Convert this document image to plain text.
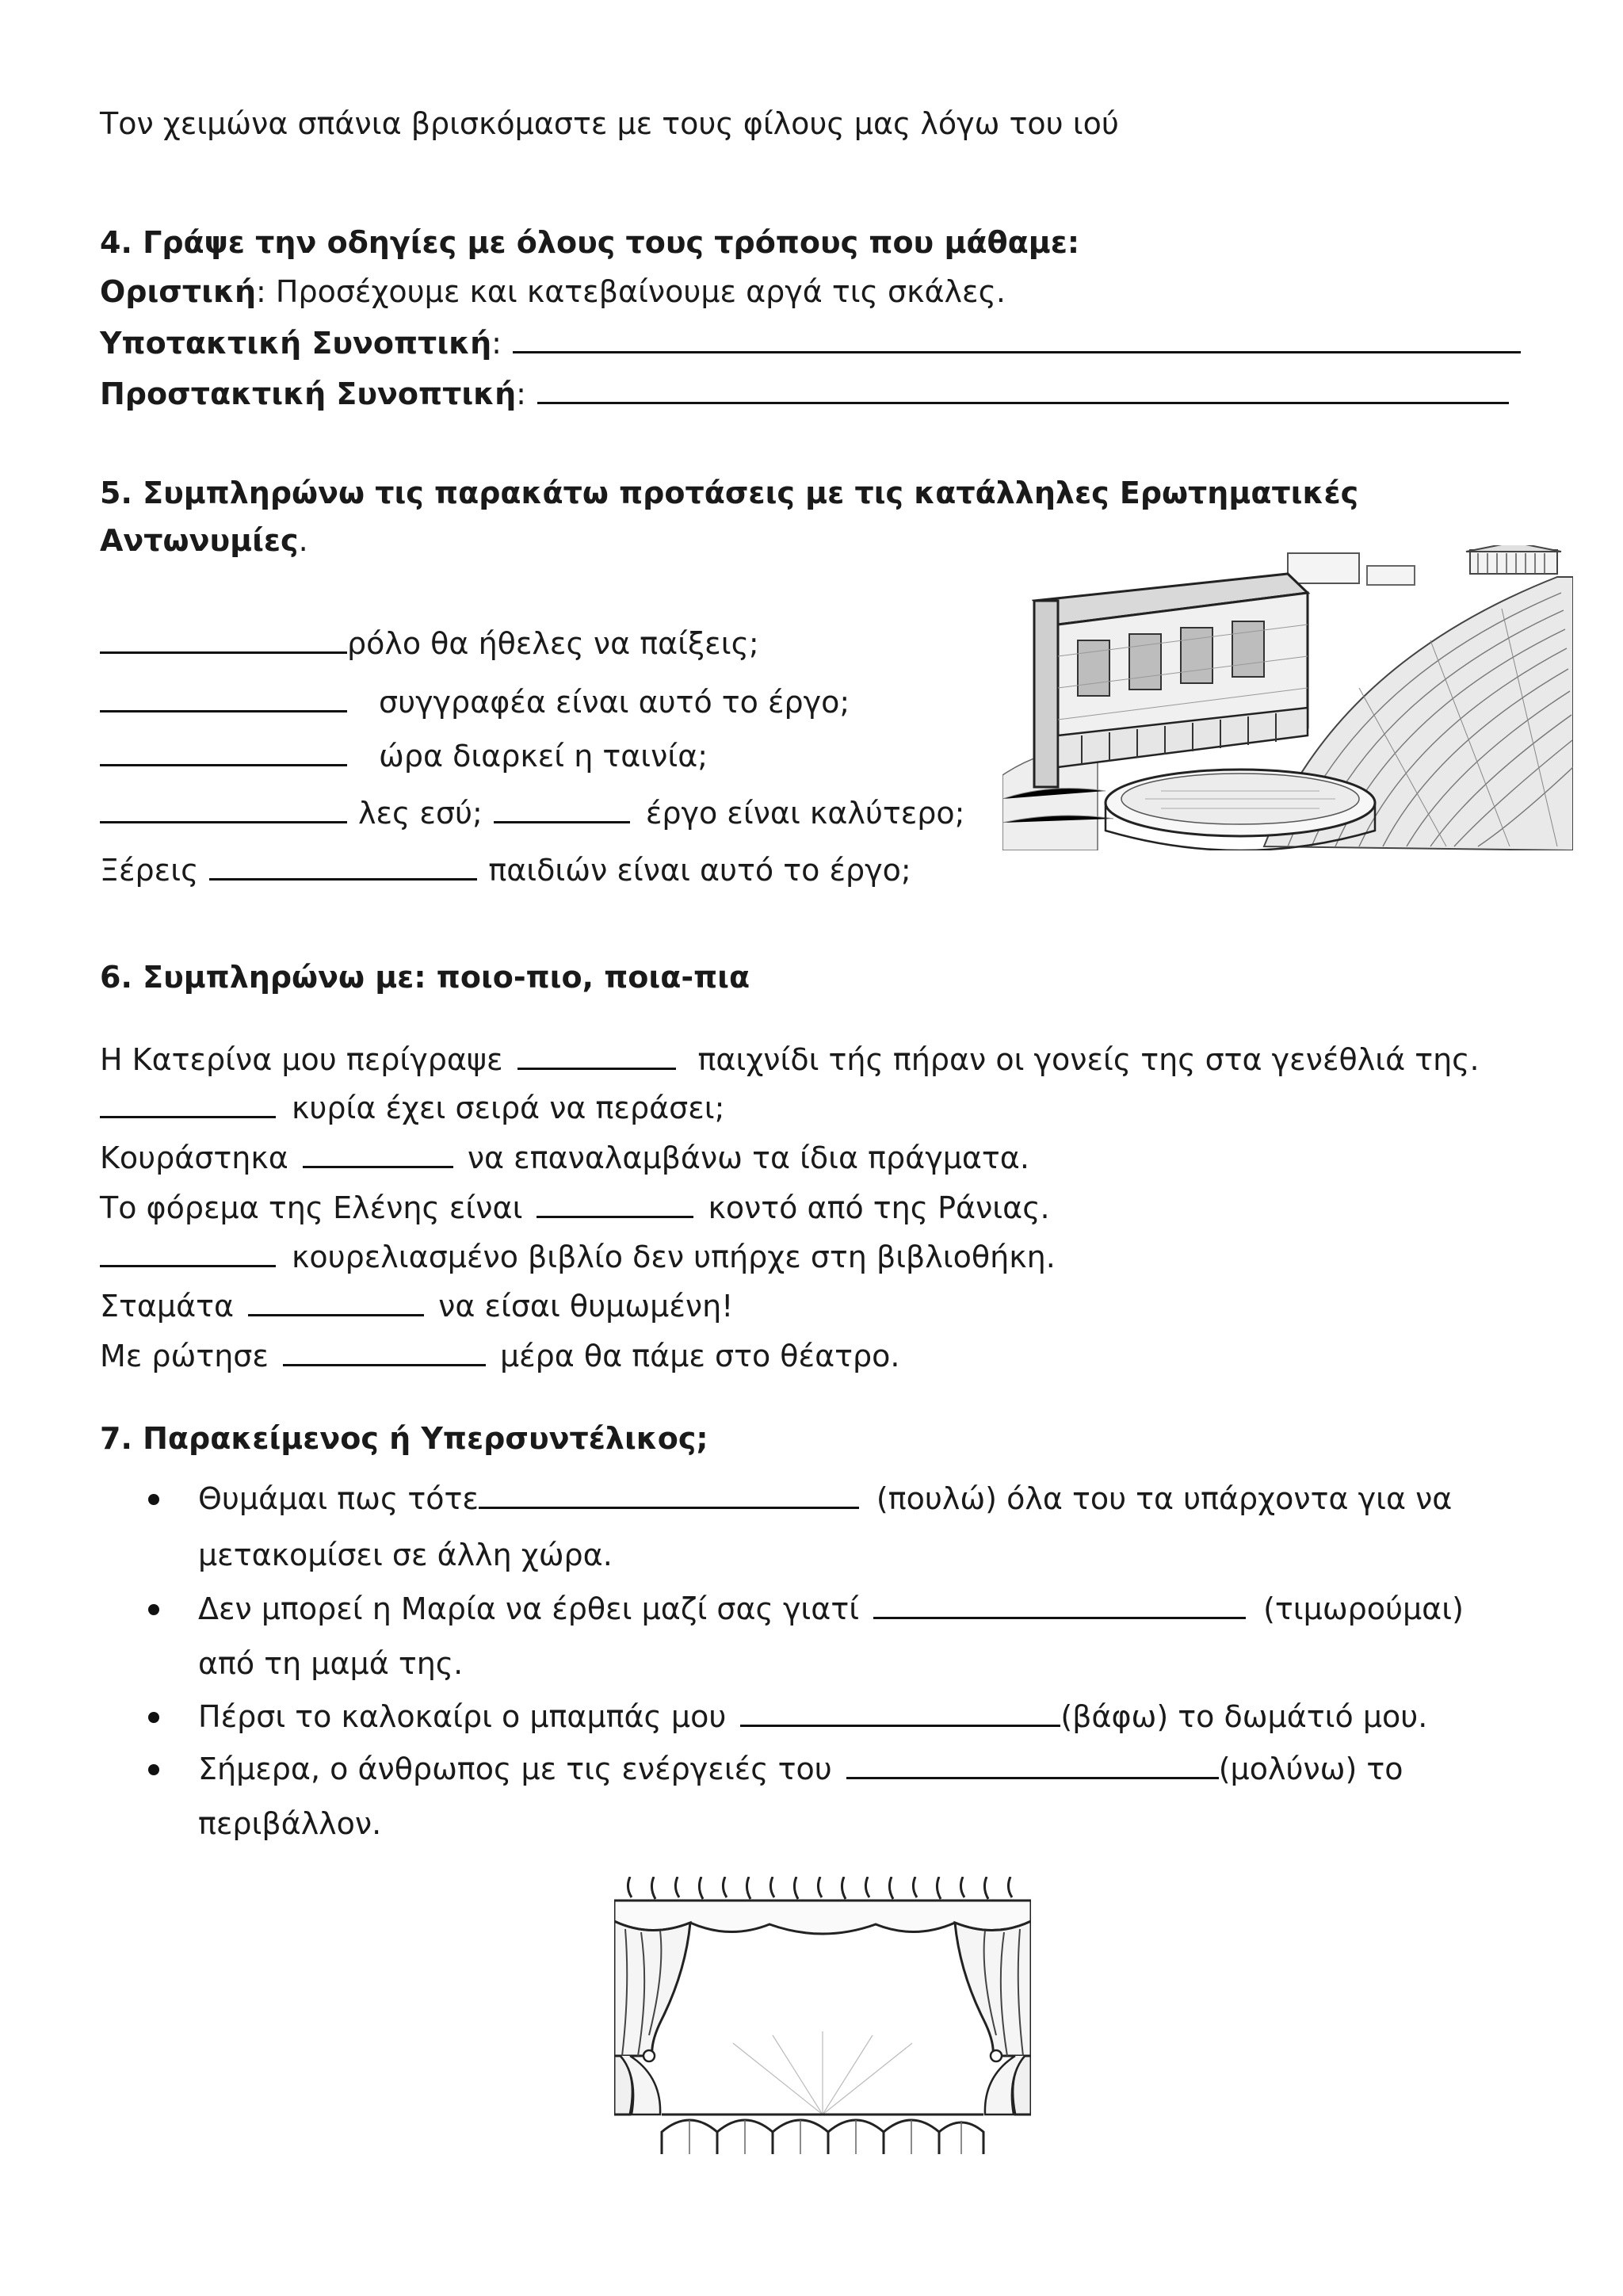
Τον χειμώνα σπάνια βρισκόμαστε με τους φίλους μας λόγω του ιού
4. Γράψε την οδηγίες με όλους τους τρόπους που μάθαμε:
Οριστική: Προσέχουμε και κατεβαίνουμε αργά τις σκάλες.
Υποτακτική Συνοπτική:
Προστακτική Συνοπτική:
5. Συμπληρώνω τις παρακάτω προτάσεις με τις κατάλληλες Ερωτηματικές
Αντωνυμίες.
ρόλο θα ήθελες να παίξεις;
συγγραφέα είναι αυτό το έργο;
ώρα διαρκεί η ταινία;
λες εσύ;	έργο είναι καλύτερο;
Ξέρεις	παιδιών είναι αυτό το έργο;
6. Συμπληρώνω με: ποιο-πιο, ποια-πια
Η Κατερίνα μου περίγραψε	παιχνίδι τής πήραν οι γονείς της στα γενέθλιά της.
κυρία έχει σειρά να περάσει;
Κουράστηκα	να επαναλαμβάνω τα ίδια πράγματα.
Το φόρεμα της Ελένης είναι	κοντό από της Ράνιας.
κουρελιασμένο βιβλίο δεν υπήρχε στη βιβλιοθήκη.
Σταμάτα	να είσαι θυμωμένη!
Με ρώτησε	μέρα θα πάμε στο θέατρο.
7. Παρακείμενος ή Υπερσυντέλικος;
Θυμάμαι πως τότε	(πουλώ) όλα του τα υπάρχοντα για να
μετακομίσει σε άλλη χώρα.
Δεν μπορεί η Μαρία να έρθει μαζί σας γιατί	(τιμωρούμαι)
από τη μαμά της.
Πέρσι το καλοκαίρι ο μπαμπάς μου	(βάφω) το δωμάτιό μου.
Σήμερα, ο άνθρωπος με τις ενέργειές του	(μολύνω) το
περιβάλλον.
